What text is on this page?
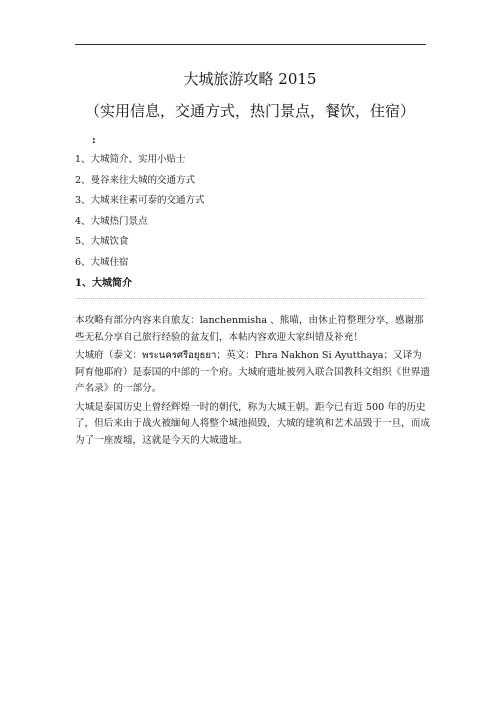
大城旅游攻略 2015
（实用信息，交通方式，热门景点，餐饮，住宿）
:
1、大城简介、实用小贴士
2、曼谷来往大城的交通方式
3、大城来往素可泰的交通方式
4、大城热门景点
5、大城饮食
6、大城住宿
1、大城简介

本攻略有部分内容来自旅友：lanchenmisha 、熊喵，由休止符整理分享，感谢那些无私分享自己旅行经验的盆友们，本帖内容欢迎大家纠错及补充！

大城府（泰文：พระนครศรีอยุธยา；英文：Phra Nakhon Si Ayutthaya；又译为阿育他耶府）是泰国的中部的一个府。大城府遗址被列入联合国教科文组织《世界遗产名录》的一部分。

大城是泰国历史上曾经辉煌一时的朝代，称为大城王朝。距今已有近 500 年的历史了，但后来由于战火被缅甸人将整个城池损毁，大城的建筑和艺术品毁于一旦，而成为了一座废墟，这就是今天的大城遗址。
